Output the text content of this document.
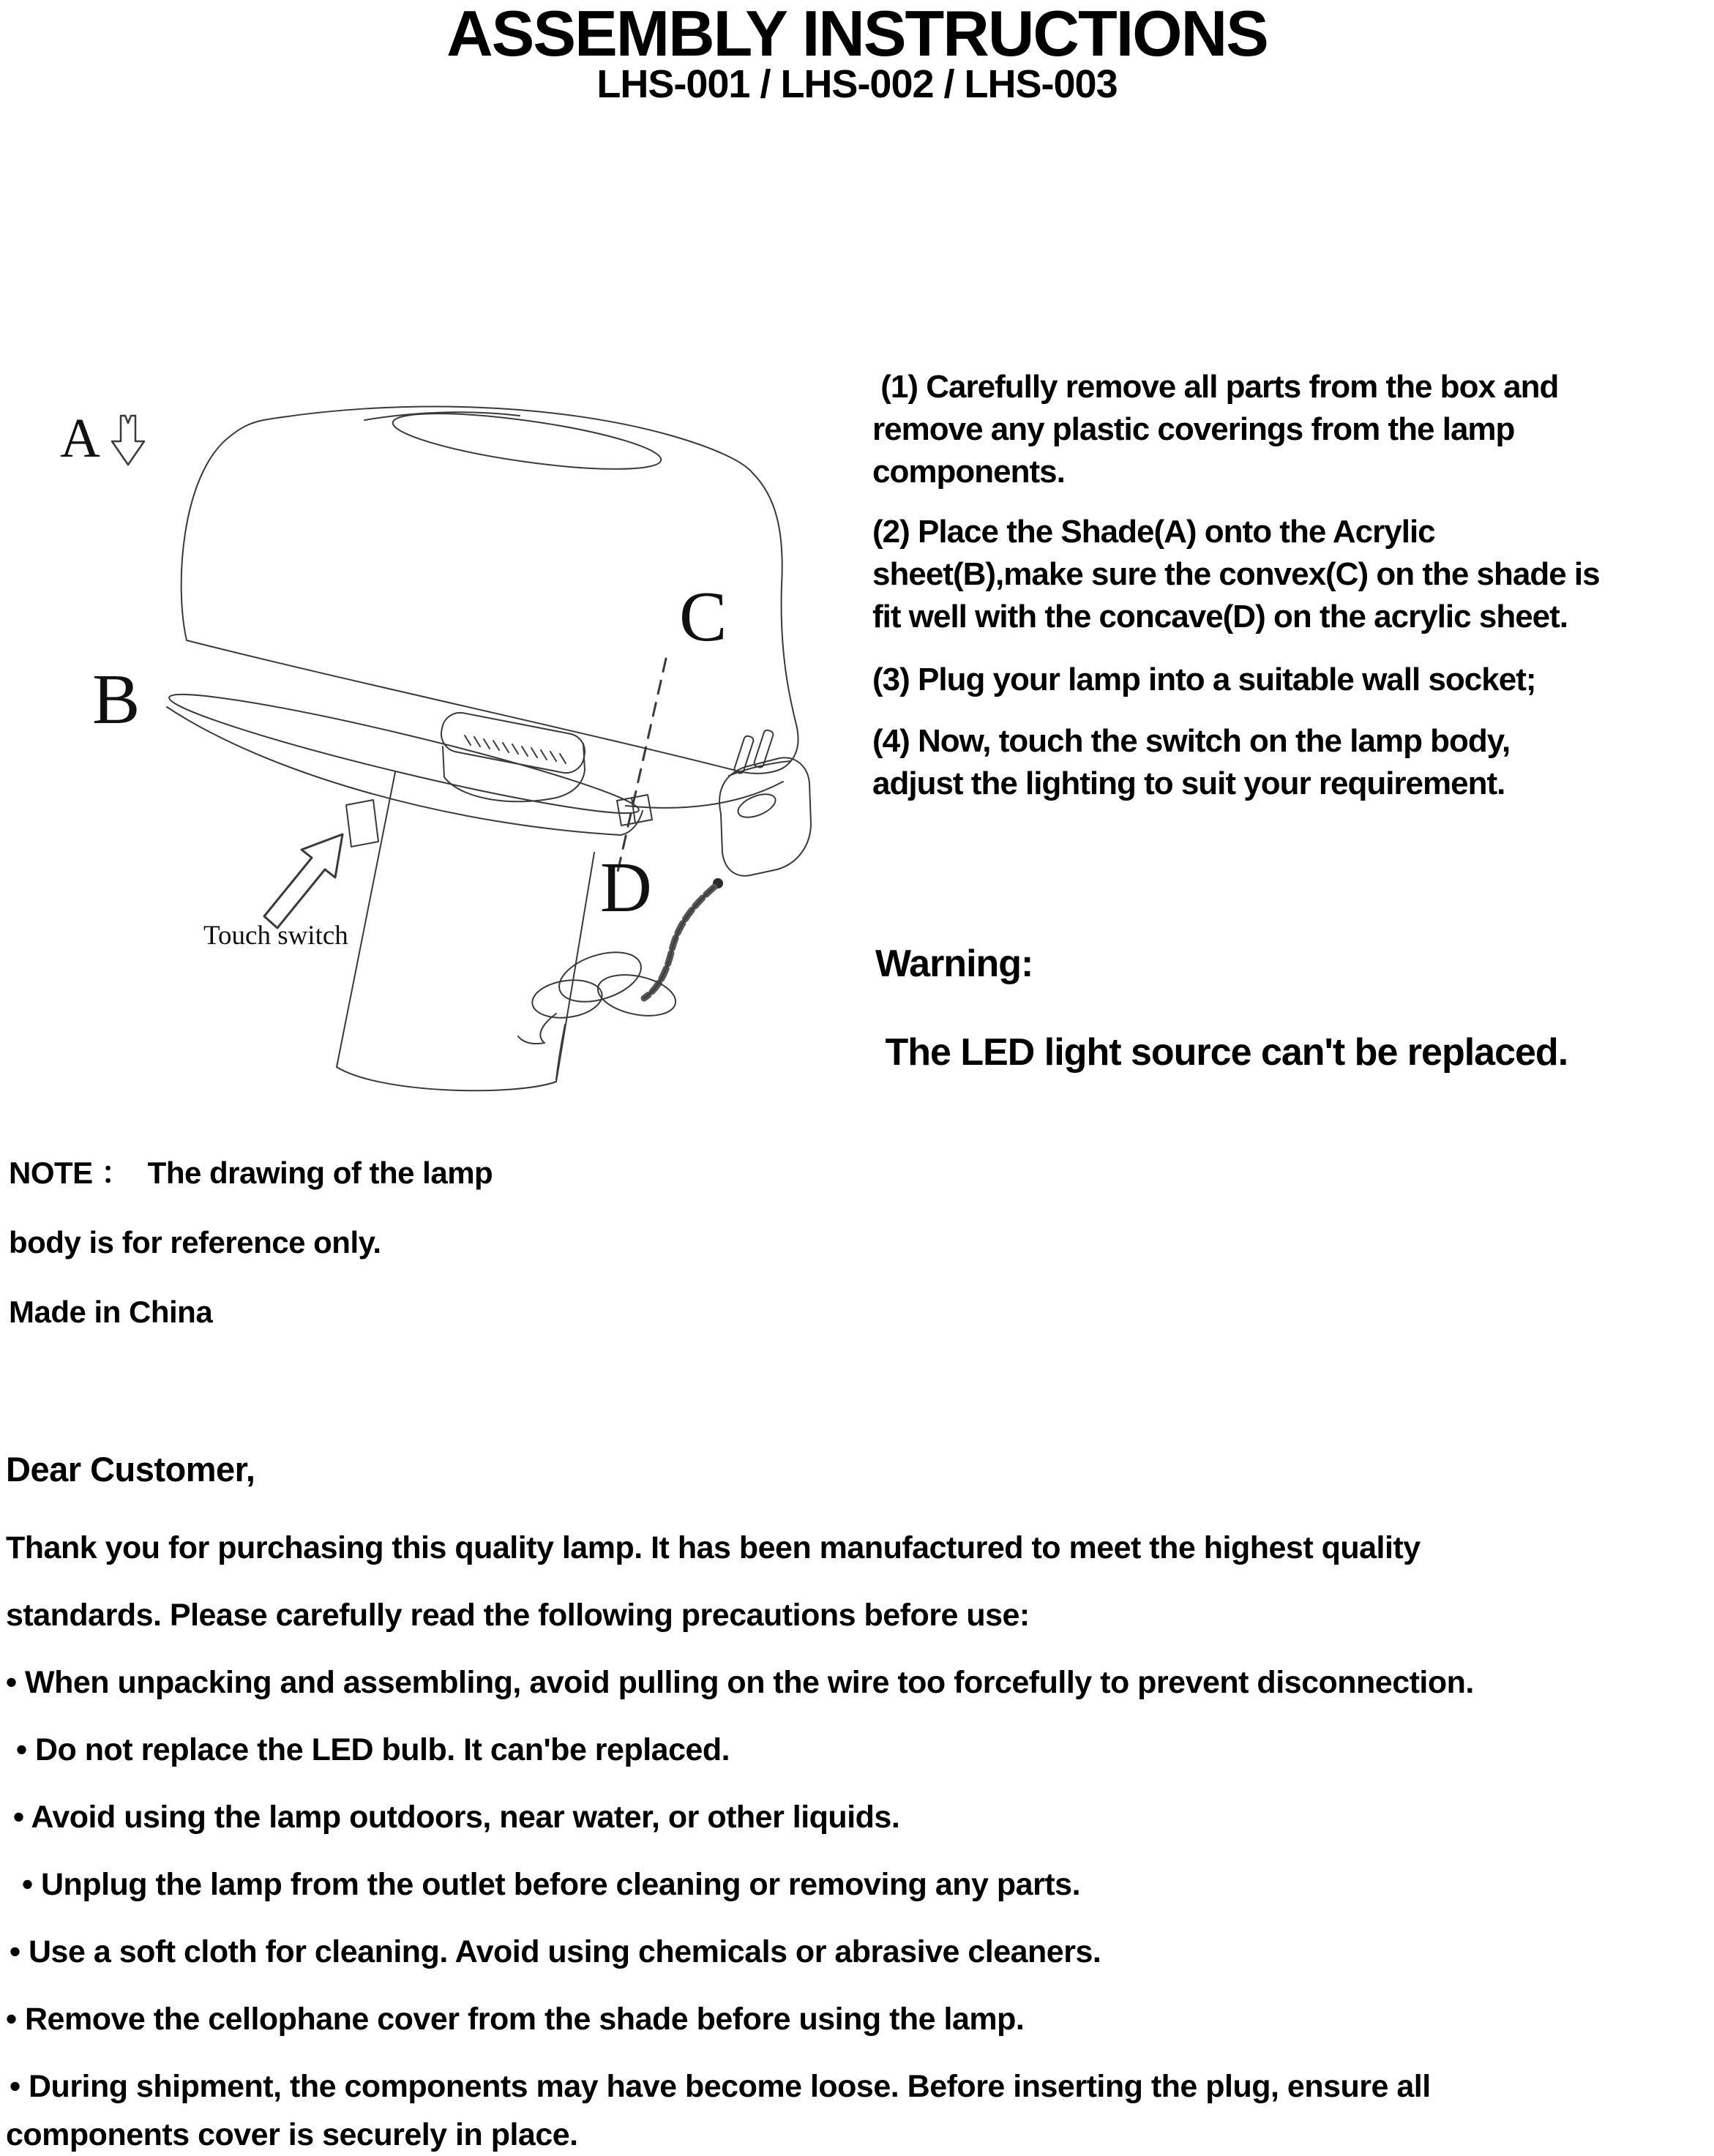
ASSEMBLY INSTRUCTIONS
LHS-001 / LHS-002 / LHS-003
A
B
C
D
Touch switch
(1) Carefully remove all parts from the box and
remove any plastic coverings from the lamp
components.
(2) Place the Shade(A) onto the Acrylic
sheet(B),make sure the convex(C) on the shade is
fit well with the concave(D) on the acrylic sheet.
(3) Plug your lamp into a suitable wall socket;
(4) Now, touch the switch on the lamp body,
adjust the lighting to suit your requirement.
Warning:
The LED light source can't be replaced.
NOTE ：  The drawing of the lamp
body is for reference only.
Made in China
Dear Customer,
Thank you for purchasing this quality lamp. It has been manufactured to meet the highest quality
standards. Please carefully read the following precautions before use:
• When unpacking and assembling, avoid pulling on the wire too forcefully to prevent disconnection.
• Do not replace the LED bulb. It can'be replaced.
• Avoid using the lamp outdoors, near water, or other liquids.
• Unplug the lamp from the outlet before cleaning or removing any parts.
• Use a soft cloth for cleaning. Avoid using chemicals or abrasive cleaners.
• Remove the cellophane cover from the shade before using the lamp.
• During shipment, the components may have become loose. Before inserting the plug, ensure all
components cover is securely in place.
